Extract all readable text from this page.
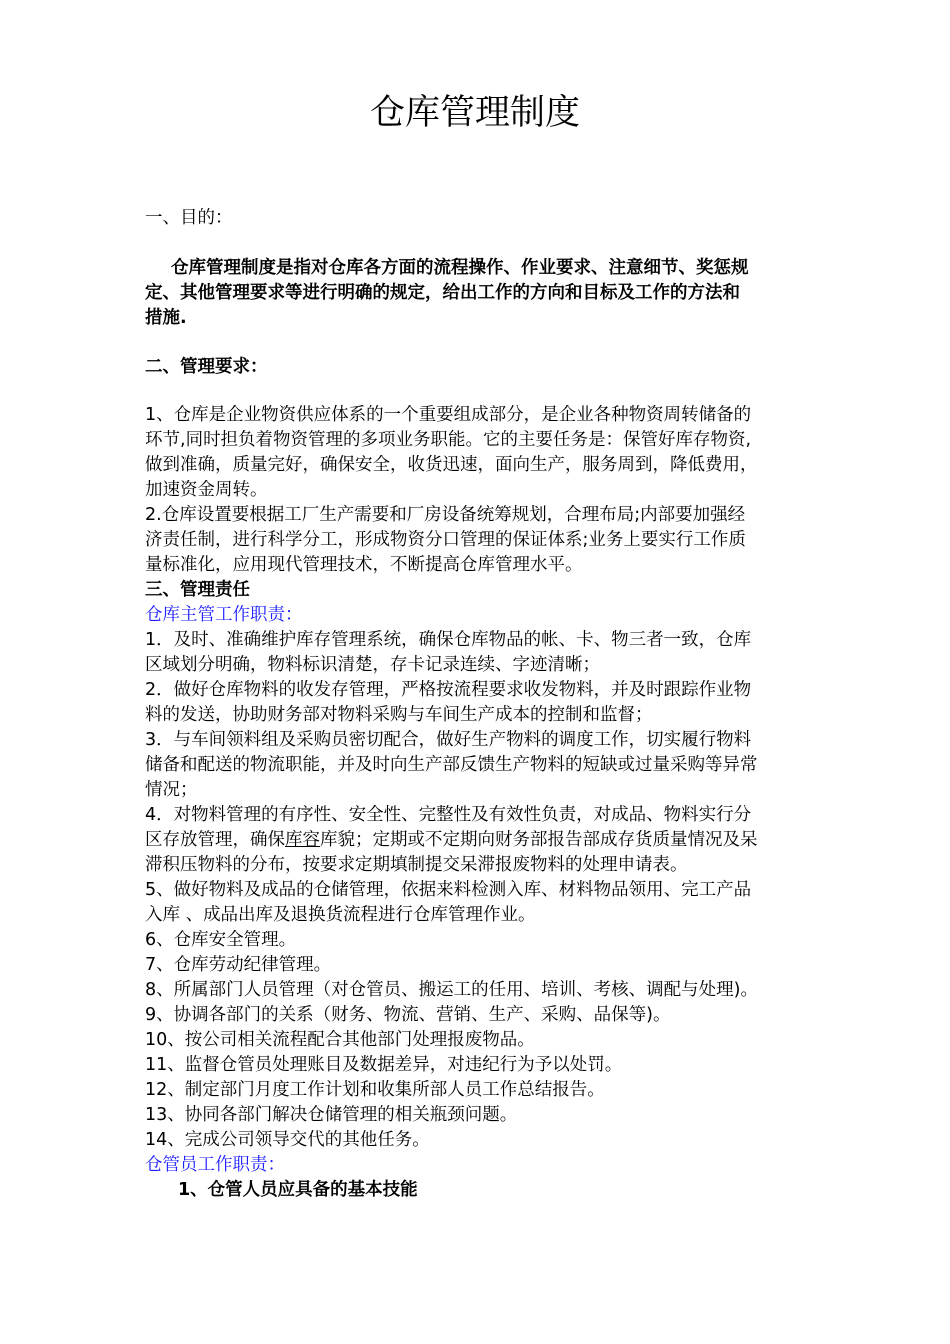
仓库管理制度
一、目的：
仓库管理制度是指对仓库各方面的流程操作、作业要求、注意细节、奖惩规
定、其他管理要求等进行明确的规定，给出工作的方向和目标及工作的方法和
措施.
二、管理要求：
1、仓库是企业物资供应体系的一个重要组成部分，是企业各种物资周转储备的
环节,同时担负着物资管理的多项业务职能。它的主要任务是：保管好库存物资,
做到准确，质量完好，确保安全，收货迅速，面向生产，服务周到，降低费用，
加速资金周转。
2.仓库设置要根据工厂生产需要和厂房设备统筹规划，合理布局;内部要加强经
济责任制，进行科学分工，形成物资分口管理的保证体系;业务上要实行工作质
量标准化，应用现代管理技术，不断提高仓库管理水平。
三、管理责任
仓库主管工作职责：
1．及时、准确维护库存管理系统，确保仓库物品的帐、卡、物三者一致，仓库
区域划分明确，物料标识清楚，存卡记录连续、字迹清晰；
2．做好仓库物料的收发存管理，严格按流程要求收发物料，并及时跟踪作业物
料的发送，协助财务部对物料采购与车间生产成本的控制和监督；
3．与车间领料组及采购员密切配合，做好生产物料的调度工作，切实履行物料
储备和配送的物流职能，并及时向生产部反馈生产物料的短缺或过量采购等异常
情况；
4．对物料管理的有序性、安全性、完整性及有效性负责，对成品、物料实行分
区存放管理，确保库容库貌；定期或不定期向财务部报告部成存货质量情况及呆
滞积压物料的分布，按要求定期填制提交呆滞报废物料的处理申请表。
5、做好物料及成品的仓储管理，依据来料检测入库、材料物品领用、完工产品
入库 、成品出库及退换货流程进行仓库管理作业。
6、仓库安全管理。
7、仓库劳动纪律管理。
8、所属部门人员管理（对仓管员、搬运工的任用、培训、考核、调配与处理)。
9、协调各部门的关系（财务、物流、营销、生产、采购、品保等)。
10、按公司相关流程配合其他部门处理报废物品。
11、监督仓管员处理账目及数据差异，对违纪行为予以处罚。
12、制定部门月度工作计划和收集所部人员工作总结报告。
13、协同各部门解决仓储管理的相关瓶颈问题。
14、完成公司领导交代的其他任务。
仓管员工作职责：
1、仓管人员应具备的基本技能
